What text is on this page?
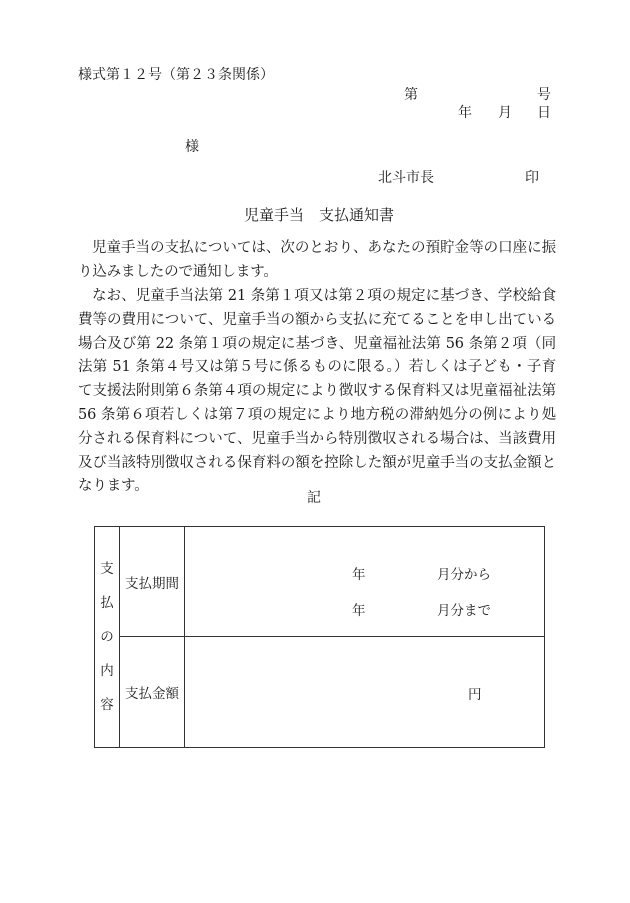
様式第１２号（第２３条関係）
第	号
年 月 日
様
北斗市長	印
児童手当　支払通知書
児童手当の支払については、次のとおり、あなたの預貯金等の口座に振り込みましたので通知します。
なお、児童手当法第 21 条第１項又は第２項の規定に基づき、学校給食費等の費用について、児童手当の額から支払に充てることを申し出ている場合及び第 22 条第１項の規定に基づき、児童福祉法第 56 条第２項（同法第 51 条第４号又は第５号に係るものに限る。）若しくは子ども・子育て支援法附則第６条第４項の規定により徴収する保育料又は児童福祉法第 56 条第６項若しくは第７項の規定により地方税の滞納処分の例により処分される保育料について、児童手当から特別徴収される場合は、当該費用及び当該特別徴収される保育料の額を控除した額が児童手当の支払金額となります。
記
支
払
の
内
容	支払期間	年 月分から
年 月分まで

	支払金額	円
